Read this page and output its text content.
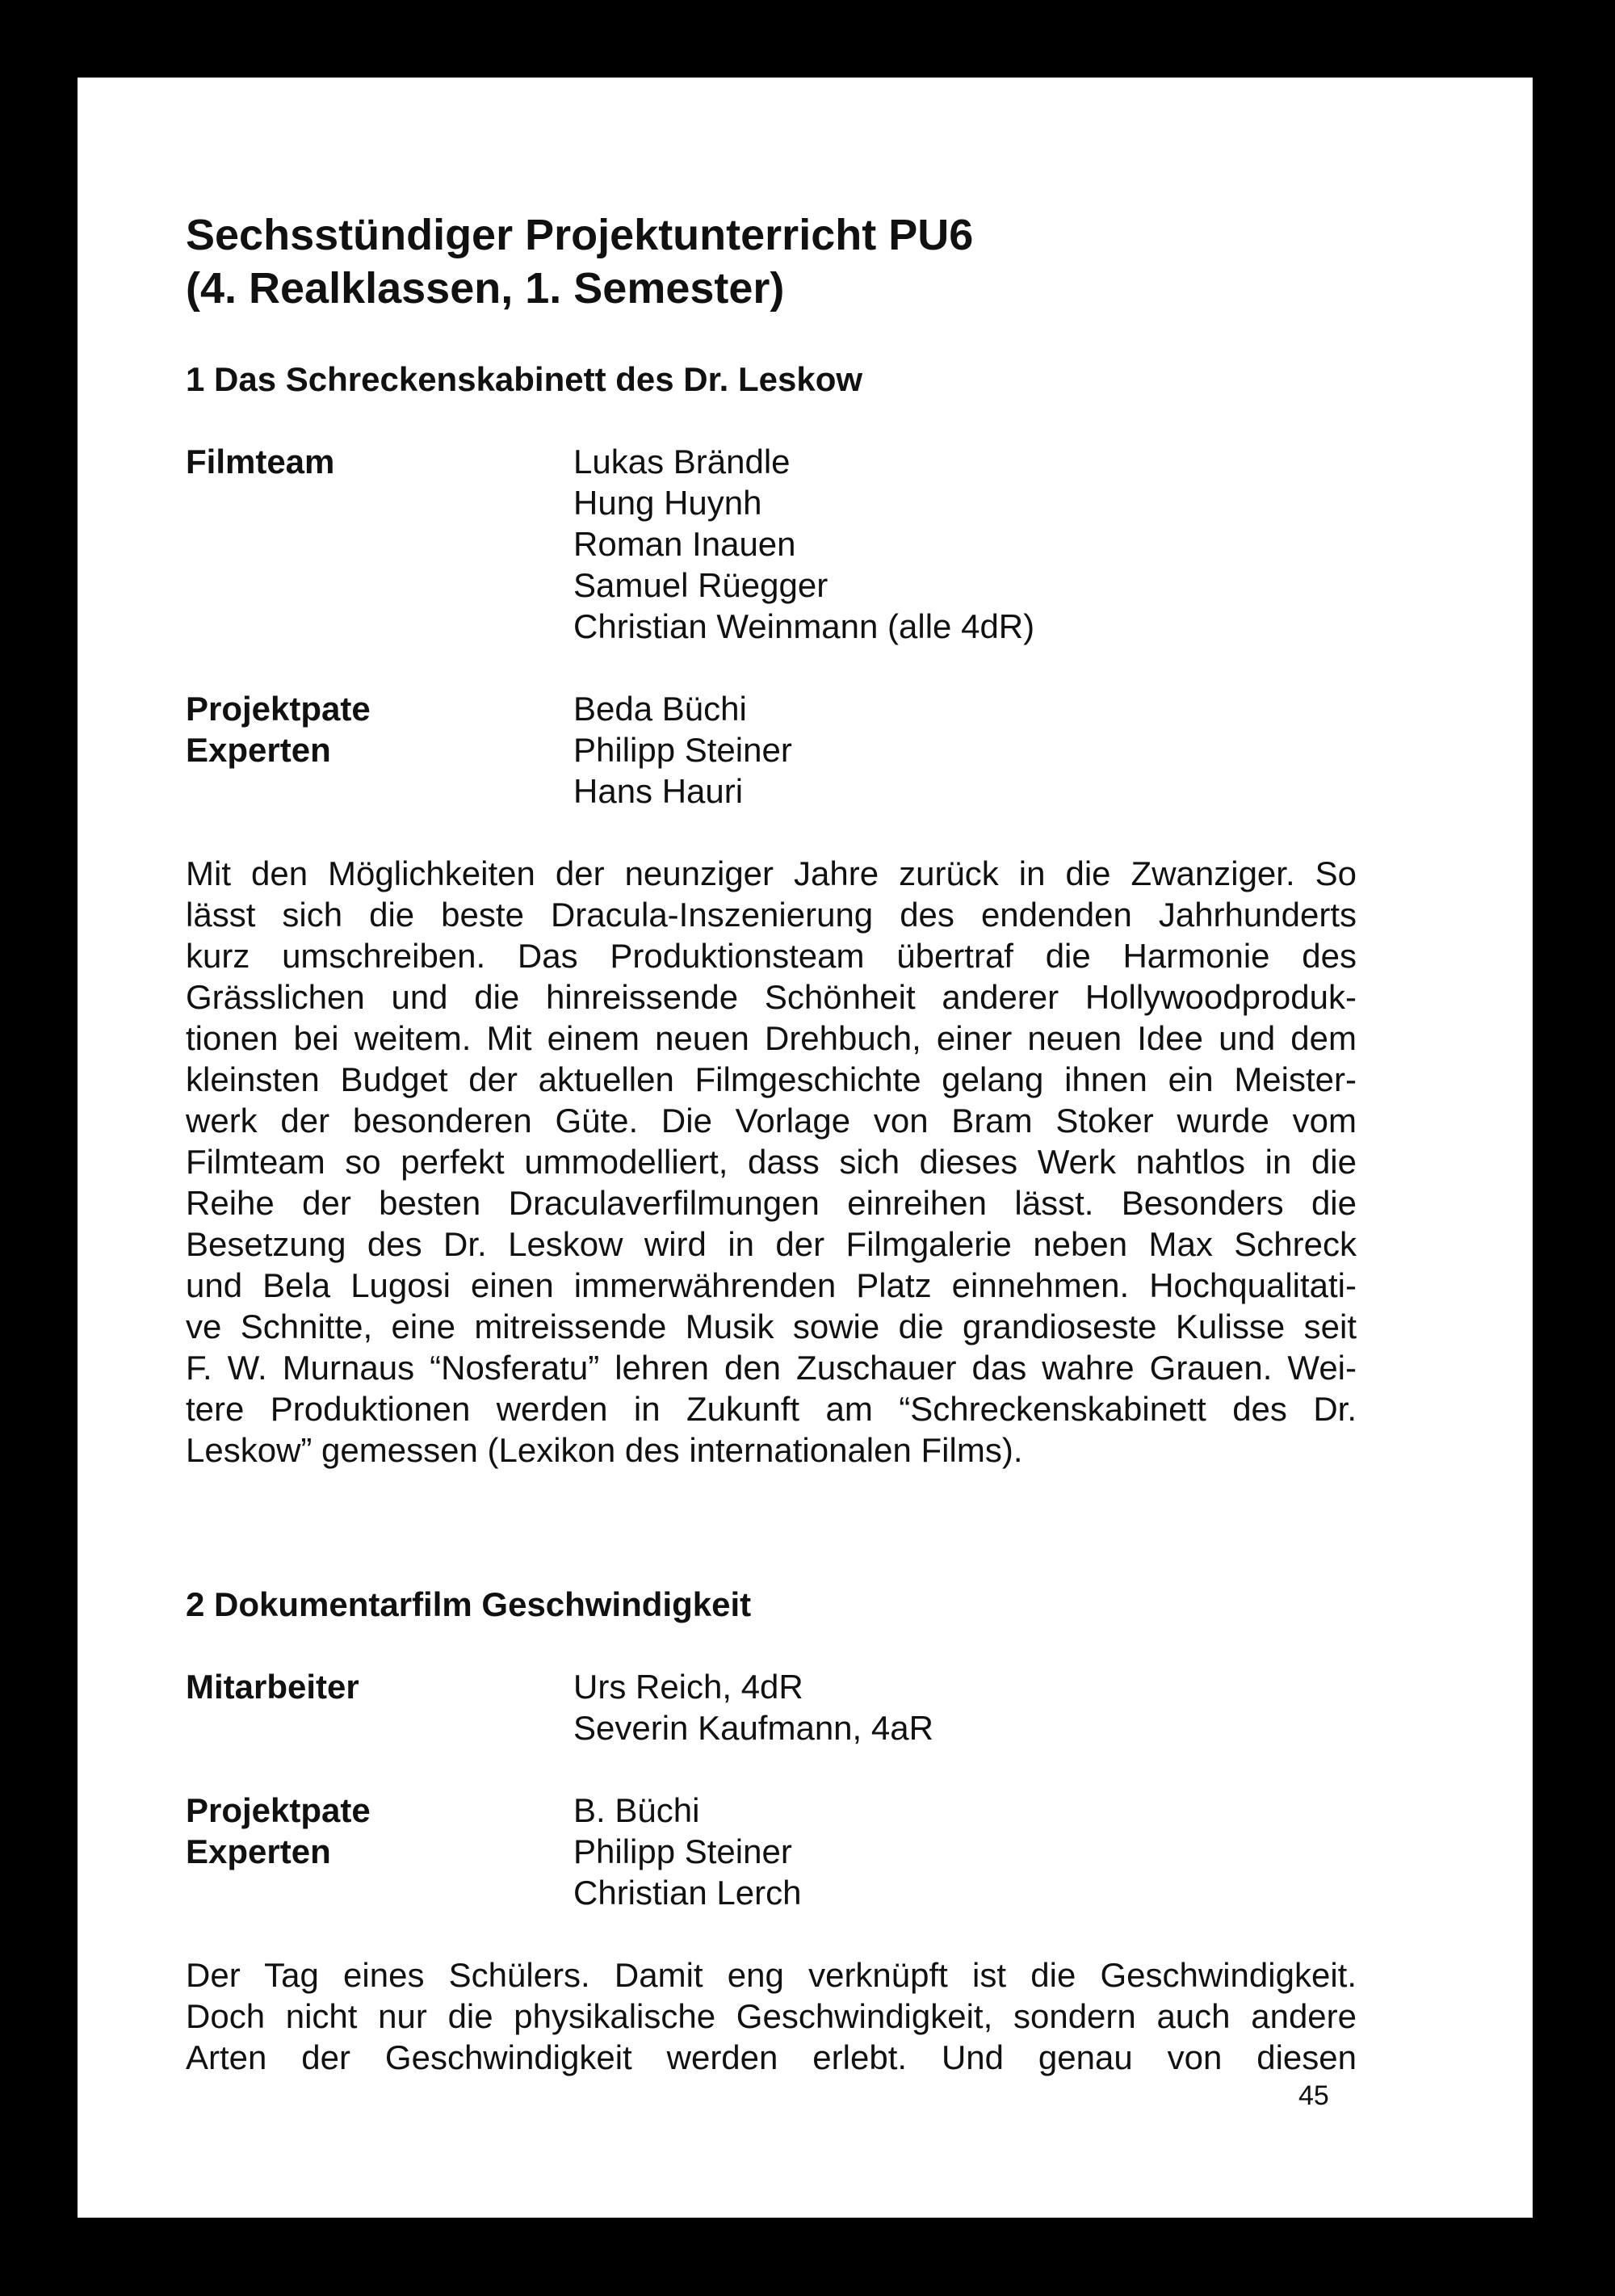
Sechsstündiger Projektunterricht PU6
(4. Realklassen, 1. Semester)
1 Das Schreckenskabinett des Dr. Leskow
Filmteam	Lukas Brändle
Hung Huynh
Roman Inauen
Samuel Rüegger
Christian Weinmann (alle 4dR)
Projektpate
Experten
Beda Büchi
Philipp Steiner
Hans Hauri

Mit den Möglichkeiten der neunziger Jahre zurück in die Zwanziger. So
lässt sich die beste Dracula-Inszenierung des endenden Jahrhunderts
kurz umschreiben. Das Produktionsteam übertraf die Harmonie des
Grässlichen und die hinreissende Schönheit anderer Hollywoodproduk-
tionen bei weitem. Mit einem neuen Drehbuch, einer neuen Idee und dem
kleinsten Budget der aktuellen Filmgeschichte gelang ihnen ein Meister-
werk der besonderen Güte. Die Vorlage von Bram Stoker wurde vom
Filmteam so perfekt ummodelliert, dass sich dieses Werk nahtlos in die
Reihe der besten Draculaverfilmungen einreihen lässt. Besonders die
Besetzung des Dr. Leskow wird in der Filmgalerie neben Max Schreck
und Bela Lugosi einen immerwährenden Platz einnehmen. Hochqualitati-
ve Schnitte, eine mitreissende Musik sowie die grandioseste Kulisse seit
F. W. Murnaus “Nosferatu” lehren den Zuschauer das wahre Grauen. Wei-
tere Produktionen werden in Zukunft am “Schreckenskabinett des Dr.
Leskow” gemessen (Lexikon des internationalen Films).

2 Dokumentarfilm Geschwindigkeit
Mitarbeiter	Urs Reich, 4dR
Severin Kaufmann, 4aR
Projektpate
Experten
B. Büchi
Philipp Steiner
Christian Lerch

Der Tag eines Schülers. Damit eng verknüpft ist die Geschwindigkeit.
Doch nicht nur die physikalische Geschwindigkeit, sondern auch andere
Arten der Geschwindigkeit werden erlebt. Und genau von diesen

45
